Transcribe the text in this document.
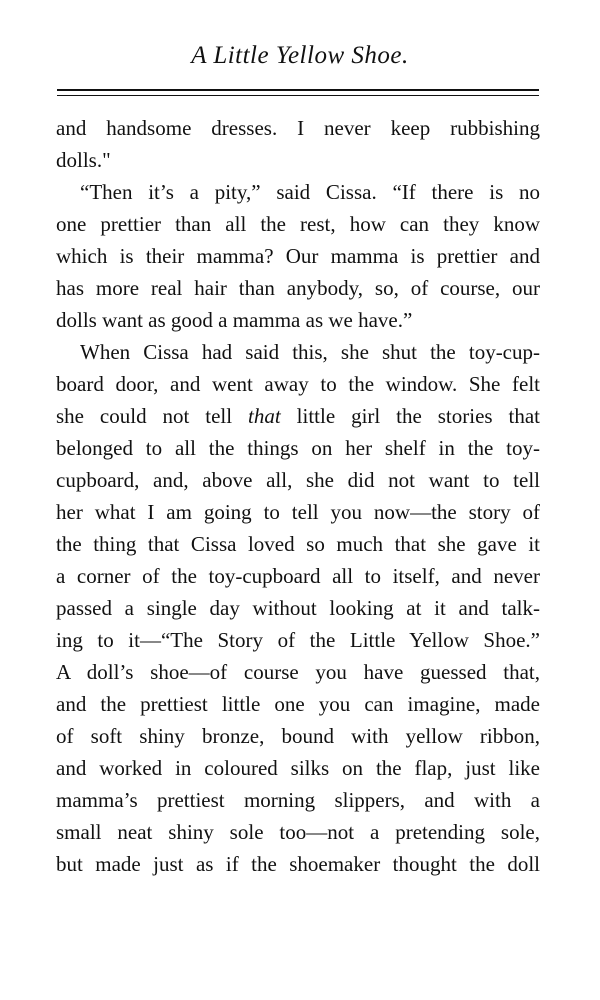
A Little Yellow Shoe.
and handsome dresses. I never keep rubbishing
dolls."
“Then it’s a pity,” said Cissa. “If there is no
one prettier than all the rest, how can they know
which is their mamma? Our mamma is prettier and
has more real hair than anybody, so, of course, our
dolls want as good a mamma as we have.”
When Cissa had said this, she shut the toy-cup-
board door, and went away to the window. She felt
she could not tell that little girl the stories that
belonged to all the things on her shelf in the toy-
cupboard, and, above all, she did not want to tell
her what I am going to tell you now—the story of
the thing that Cissa loved so much that she gave it
a corner of the toy-cupboard all to itself, and never
passed a single day without looking at it and talk-
ing to it—“The Story of the Little Yellow Shoe.”
A doll’s shoe—of course you have guessed that,
and the prettiest little one you can imagine, made
of soft shiny bronze, bound with yellow ribbon,
and worked in coloured silks on the flap, just like
mamma’s prettiest morning slippers, and with a
small neat shiny sole too—not a pretending sole,
but made just as if the shoemaker thought the doll
